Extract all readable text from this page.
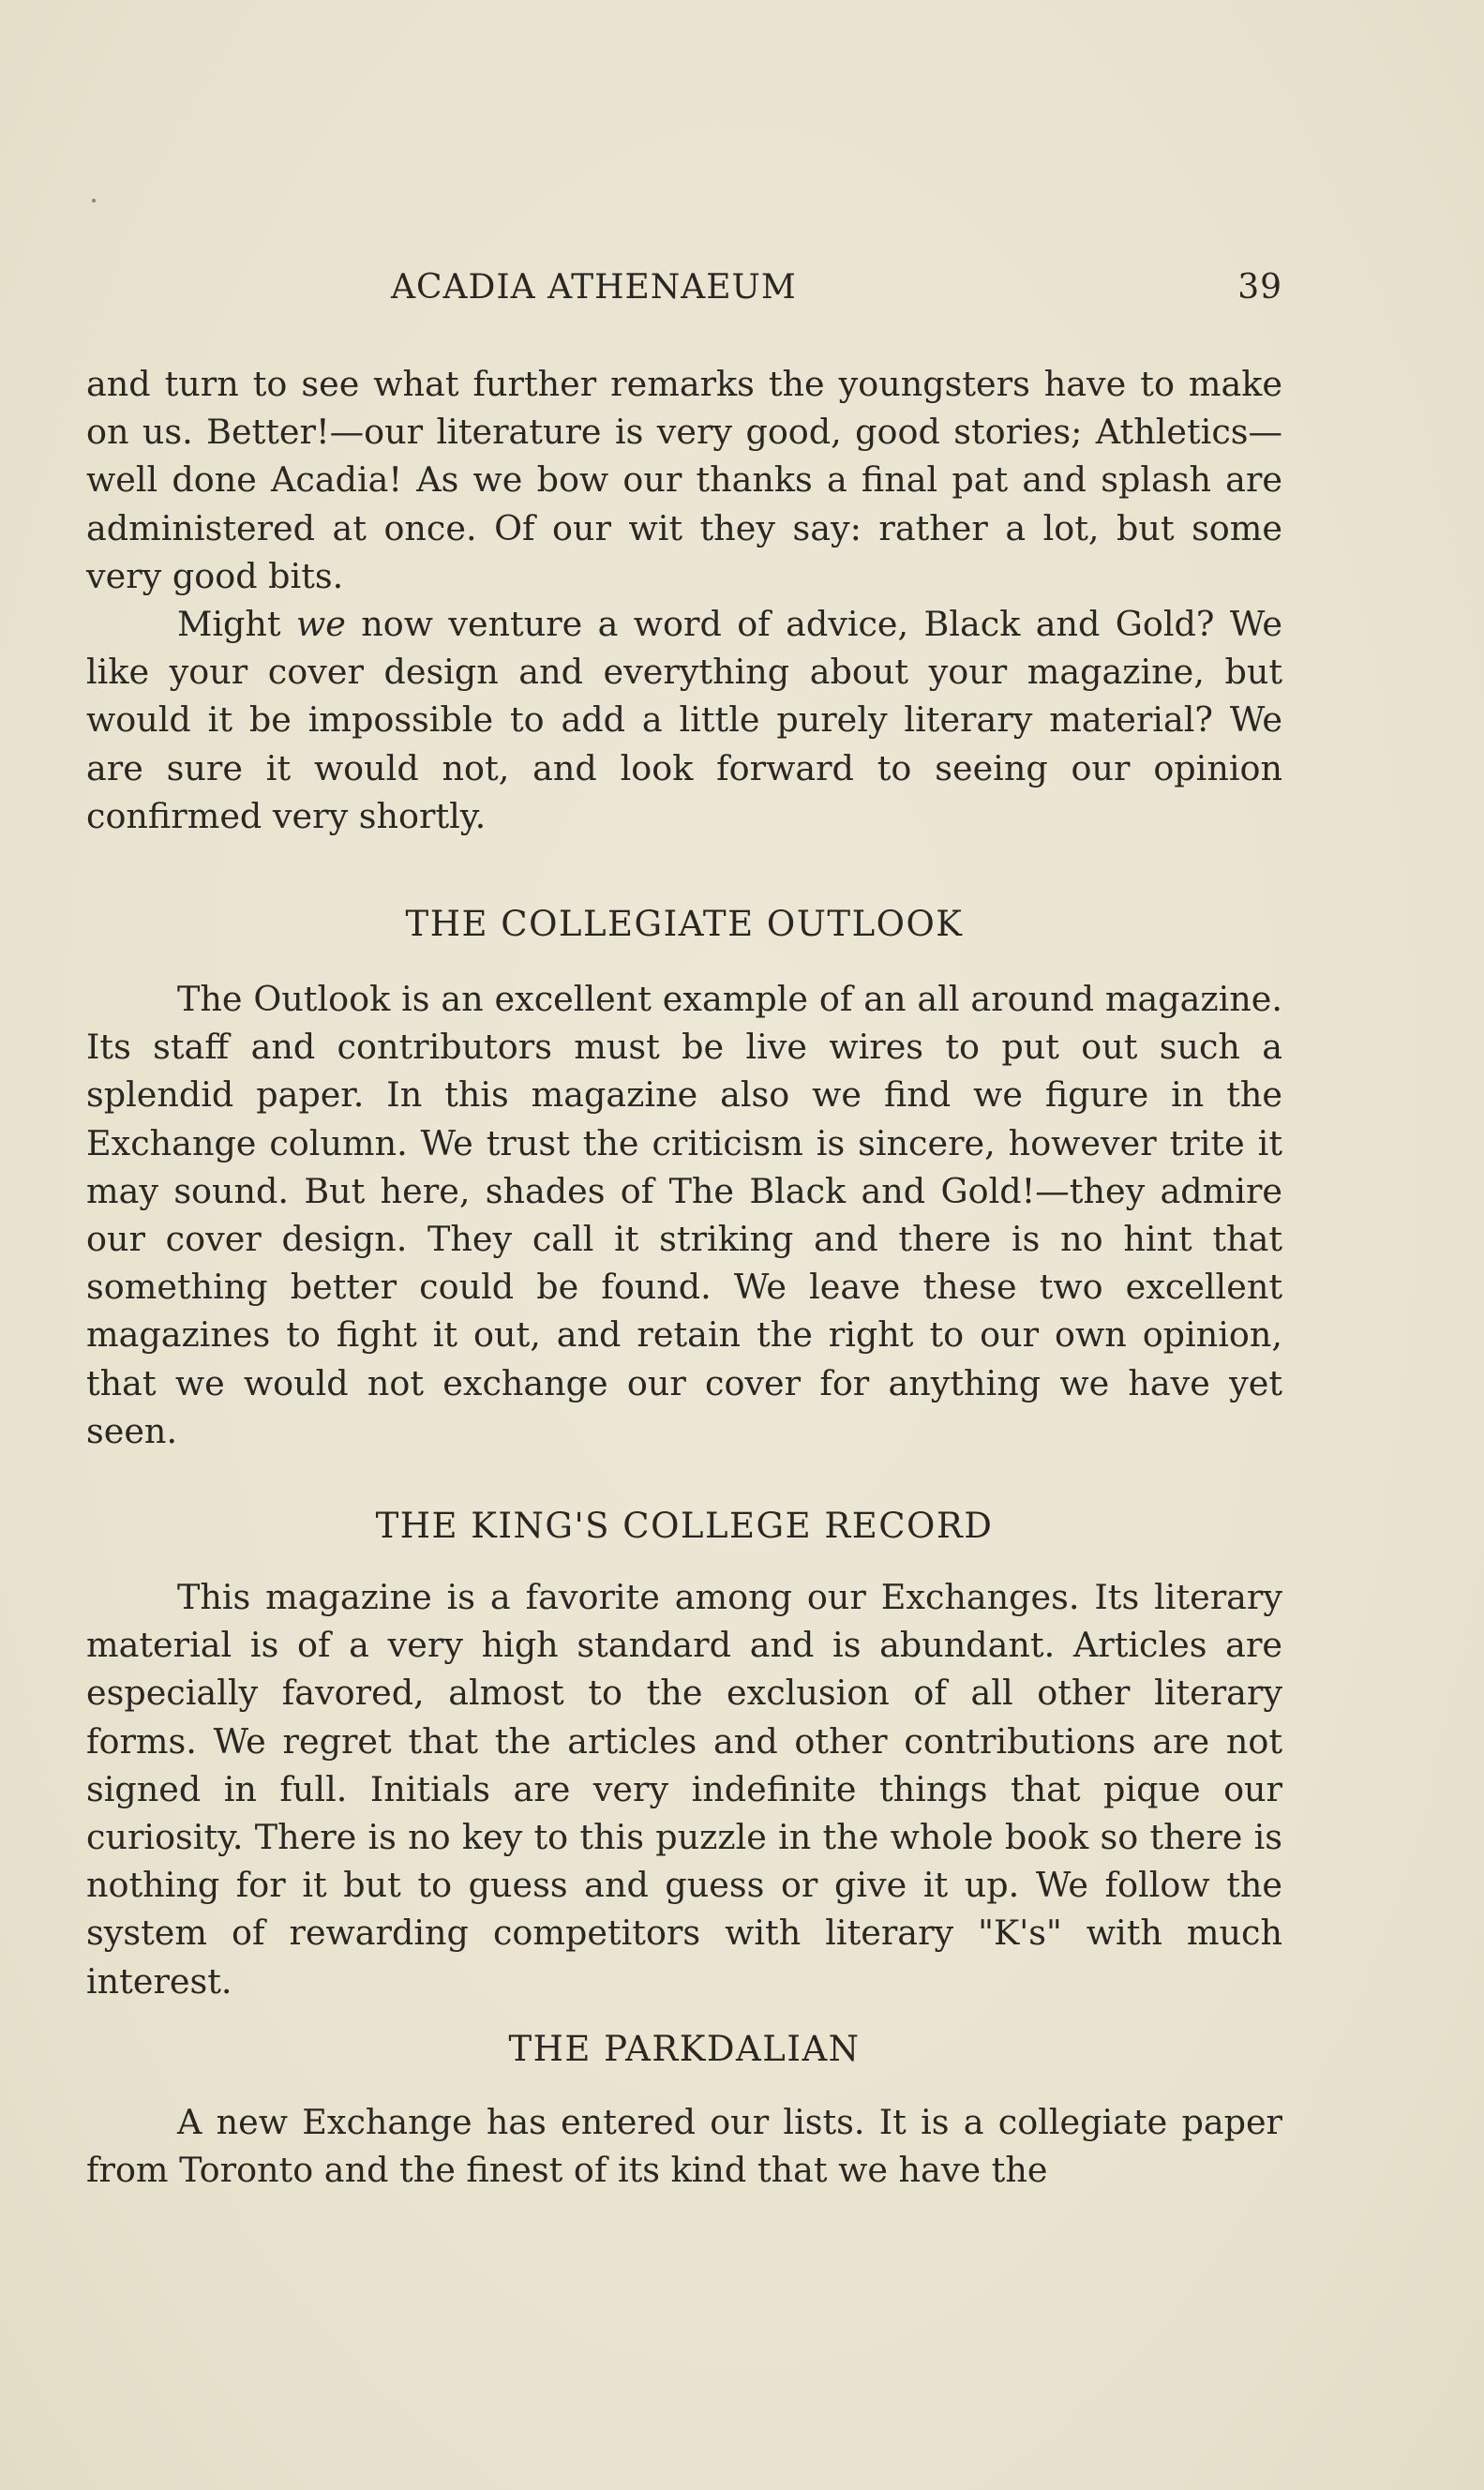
ACADIA ATHENAEUM	39

and turn to see what further remarks the youngsters have to make on us. Better!—our literature is very good, good stories; Athletics—well done Acadia! As we bow our thanks a final pat and splash are administered at once. Of our wit they say: rather a lot, but some very good bits.

Might we now venture a word of advice, Black and Gold? We like your cover design and everything about your magazine, but would it be impossible to add a little purely literary material? We are sure it would not, and look forward to seeing our opinion confirmed very shortly.

THE COLLEGIATE OUTLOOK

The Outlook is an excellent example of an all around magazine. Its staff and contributors must be live wires to put out such a splendid paper. In this magazine also we find we figure in the Exchange column. We trust the criticism is sincere, however trite it may sound. But here, shades of The Black and Gold!—they admire our cover design. They call it striking and there is no hint that something better could be found. We leave these two excellent magazines to fight it out, and retain the right to our own opinion, that we would not exchange our cover for anything we have yet seen.

THE KING'S COLLEGE RECORD

This magazine is a favorite among our Exchanges. Its literary material is of a very high standard and is abundant. Articles are especially favored, almost to the exclusion of all other literary forms. We regret that the articles and other contributions are not signed in full. Initials are very indefinite things that pique our curiosity. There is no key to this puzzle in the whole book so there is nothing for it but to guess and guess or give it up. We follow the system of rewarding competitors with literary "K's" with much interest.

THE PARKDALIAN

A new Exchange has entered our lists. It is a collegiate paper from Toronto and the finest of its kind that we have the
